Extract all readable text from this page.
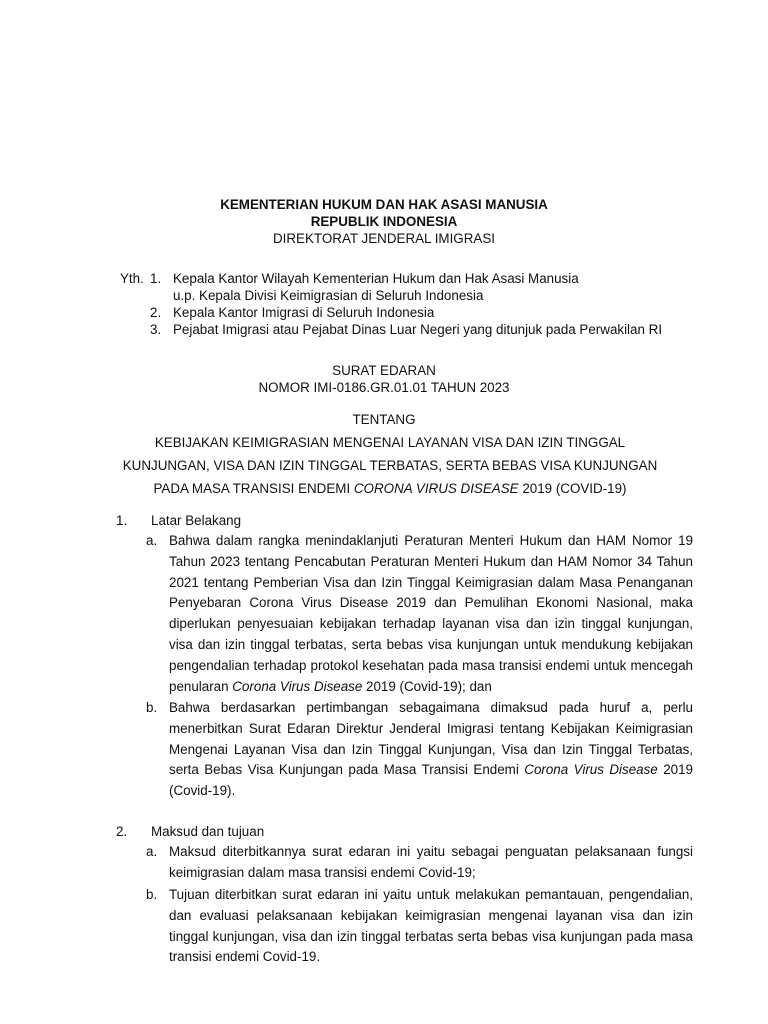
KEMENTERIAN HUKUM DAN HAK ASASI MANUSIA
REPUBLIK INDONESIA
DIREKTORAT JENDERAL IMIGRASI
Yth. 1. Kepala Kantor Wilayah Kementerian Hukum dan Hak Asasi Manusia
u.p. Kepala Divisi Keimigrasian di Seluruh Indonesia
2. Kepala Kantor Imigrasi di Seluruh Indonesia
3. Pejabat Imigrasi atau Pejabat Dinas Luar Negeri yang ditunjuk pada Perwakilan RI
SURAT EDARAN
NOMOR IMI-0186.GR.01.01 TAHUN 2023
TENTANG
KEBIJAKAN KEIMIGRASIAN MENGENAI LAYANAN VISA DAN IZIN TINGGAL KUNJUNGAN, VISA DAN IZIN TINGGAL TERBATAS, SERTA BEBAS VISA KUNJUNGAN PADA MASA TRANSISI ENDEMI CORONA VIRUS DISEASE 2019 (COVID-19)
1. Latar Belakang
a. Bahwa dalam rangka menindaklanjuti Peraturan Menteri Hukum dan HAM Nomor 19 Tahun 2023 tentang Pencabutan Peraturan Menteri Hukum dan HAM Nomor 34 Tahun 2021 tentang Pemberian Visa dan Izin Tinggal Keimigrasian dalam Masa Penanganan Penyebaran Corona Virus Disease 2019 dan Pemulihan Ekonomi Nasional, maka diperlukan penyesuaian kebijakan terhadap layanan visa dan izin tinggal kunjungan, visa dan izin tinggal terbatas, serta bebas visa kunjungan untuk mendukung kebijakan pengendalian terhadap protokol kesehatan pada masa transisi endemi untuk mencegah penularan Corona Virus Disease 2019 (Covid-19); dan
b. Bahwa berdasarkan pertimbangan sebagaimana dimaksud pada huruf a, perlu menerbitkan Surat Edaran Direktur Jenderal Imigrasi tentang Kebijakan Keimigrasian Mengenai Layanan Visa dan Izin Tinggal Kunjungan, Visa dan Izin Tinggal Terbatas, serta Bebas Visa Kunjungan pada Masa Transisi Endemi Corona Virus Disease 2019 (Covid-19).
2. Maksud dan tujuan
a. Maksud diterbitkannya surat edaran ini yaitu sebagai penguatan pelaksanaan fungsi keimigrasian dalam masa transisi endemi Covid-19;
b. Tujuan diterbitkan surat edaran ini yaitu untuk melakukan pemantauan, pengendalian, dan evaluasi pelaksanaan kebijakan keimigrasian mengenai layanan visa dan izin tinggal kunjungan, visa dan izin tinggal terbatas serta bebas visa kunjungan pada masa transisi endemi Covid-19.
